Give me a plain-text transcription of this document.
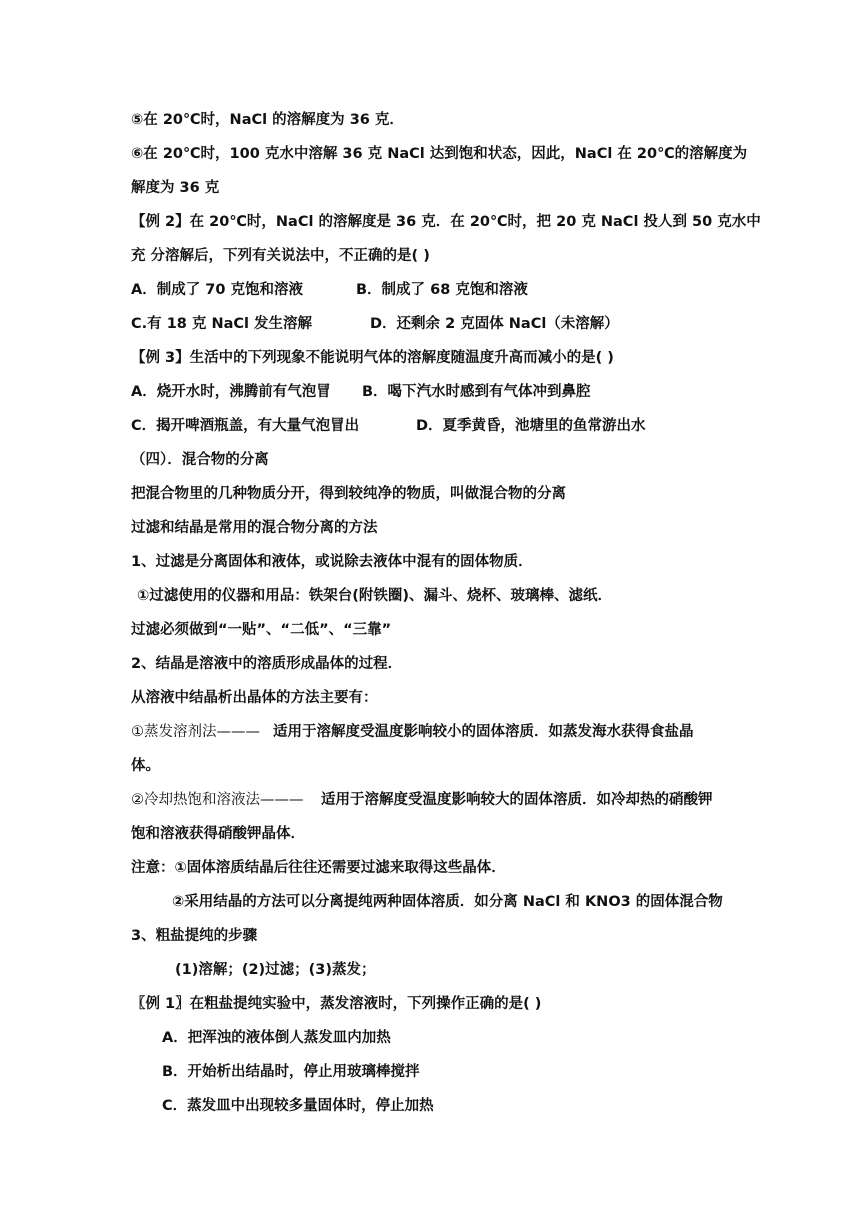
⑤在 20℃时，NaCl 的溶解度为 36 克．
⑥在 20℃时，100 克水中溶解 36 克 NaCl 达到饱和状态，因此，NaCl 在 20℃的溶解度为
解度为 36 克
【例 2】在 20℃时，NaCl 的溶解度是 36 克．在 20℃时，把 20 克 NaCl 投人到 50 克水中
充 分溶解后，下列有关说法中，不正确的是( )
A．制成了 70 克饱和溶液	B．制成了 68 克饱和溶液
C.有 18 克 NaCl 发生溶解	D．还剩余 2 克固体 NaCl（未溶解）
【例 3】生活中的下列现象不能说明气体的溶解度随温度升高而减小的是( )
A．烧开水时，沸腾前有气泡冒 B．喝下汽水时感到有气体冲到鼻腔
C．揭开啤酒瓶盖，有大量气泡冒出	D．夏季黄昏，池塘里的鱼常游出水
（四）．混合物的分离
把混合物里的几种物质分开，得到较纯净的物质，叫做混合物的分离
过滤和结晶是常用的混合物分离的方法
1、过滤是分离固体和液体，或说除去液体中混有的固体物质．
①过滤使用的仪器和用品：铁架台(附铁圈)、漏斗、烧杯、玻璃棒、滤纸．
过滤必须做到“一贴”、“二低”、“三靠”
2、结晶是溶液中的溶质形成晶体的过程．
从溶液中结晶析出晶体的方法主要有：
①蒸发溶剂法——— 适用于溶解度受温度影响较小的固体溶质．如蒸发海水获得食盐晶
体。
②冷却热饱和溶液法——— 适用于溶解度受温度影响较大的固体溶质．如冷却热的硝酸钾
饱和溶液获得硝酸钾晶体．
注意：①固体溶质结晶后往往还需要过滤来取得这些晶体．
②采用结晶的方法可以分离提纯两种固体溶质．如分离 NaCl 和 KNO3 的固体混合物
3、粗盐提纯的步骤
(1)溶解；(2)过滤；(3)蒸发；
〖例 1〗在粗盐提纯实验中，蒸发溶液时，下列操作正确的是( )
A．把浑浊的液体倒人蒸发皿内加热
B．开始析出结晶时，停止用玻璃棒搅拌
C．蒸发皿中出现较多量固体时，停止加热
